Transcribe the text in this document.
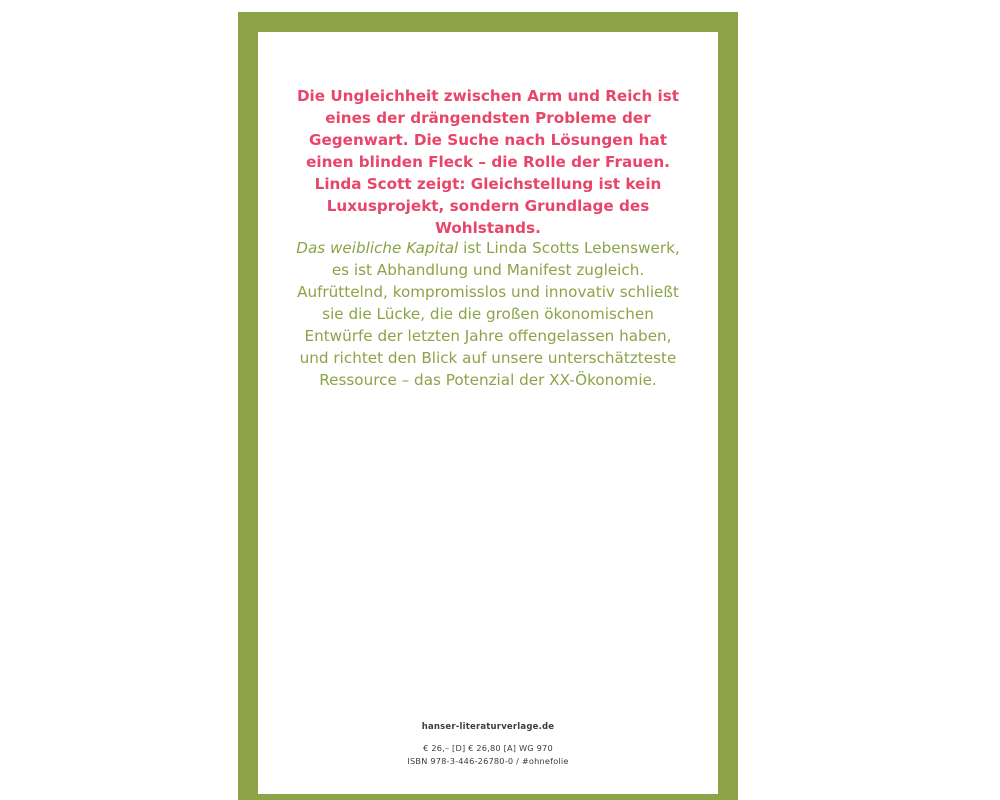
Die Ungleichheit zwischen Arm und Reich ist eines der drängendsten Probleme der Gegenwart. Die Suche nach Lösungen hat einen blinden Fleck – die Rolle der Frauen. Linda Scott zeigt: Gleichstellung ist kein Luxusprojekt, sondern Grundlage des Wohlstands.

Das weibliche Kapital ist Linda Scotts Lebenswerk, es ist Abhandlung und Manifest zugleich. Aufrüttelnd, kompromisslos und innovativ schließt sie die Lücke, die die großen ökonomischen Entwürfe der letzten Jahre offengelassen haben, und richtet den Blick auf unsere unterschätzteste Ressource – das Potenzial der XX-Ökonomie.

hanser-literaturverlage.de
€ 26,– [D] € 26,80 [A] WG 970
ISBN 978-3-446-26780-0 / #ohnefolie
